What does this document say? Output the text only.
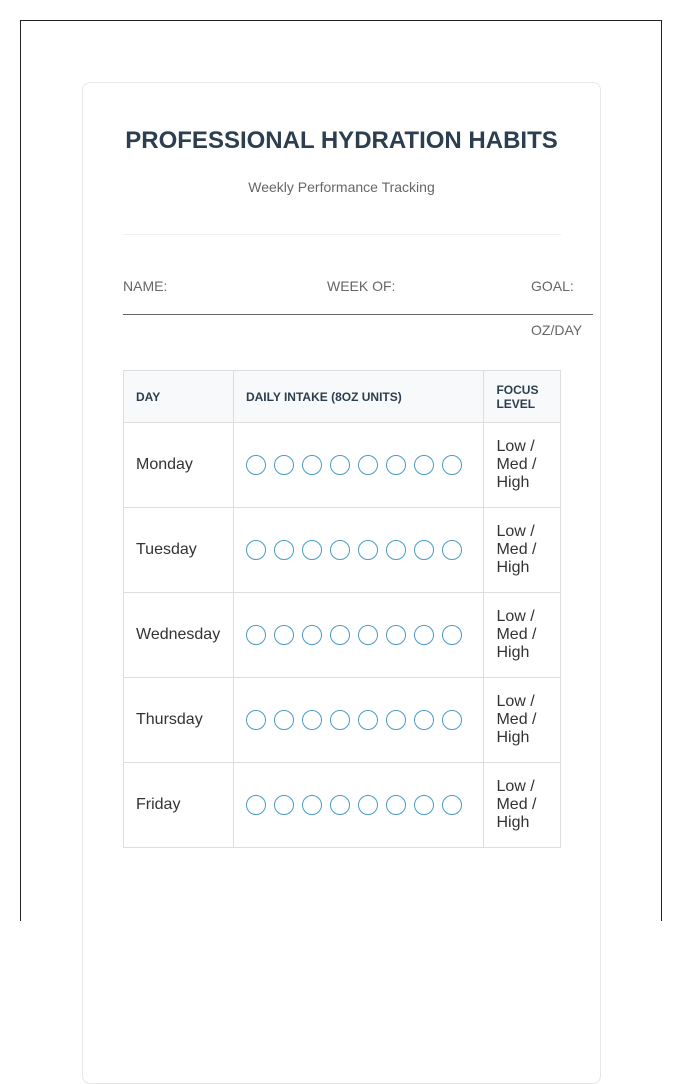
PROFESSIONAL HYDRATION HABITS
Weekly Performance Tracking
NAME:	WEEK OF:	GOAL:
OZ/DAY
DAY	DAILY INTAKE (8OZ UNITS)	FOCUS LEVEL
Monday		Low /
Med /
High

Tuesday		Low /
Med /
High

Wednesday		Low /
Med /
High

Thursday		Low /
Med /
High

Friday		Low /
Med /
High
